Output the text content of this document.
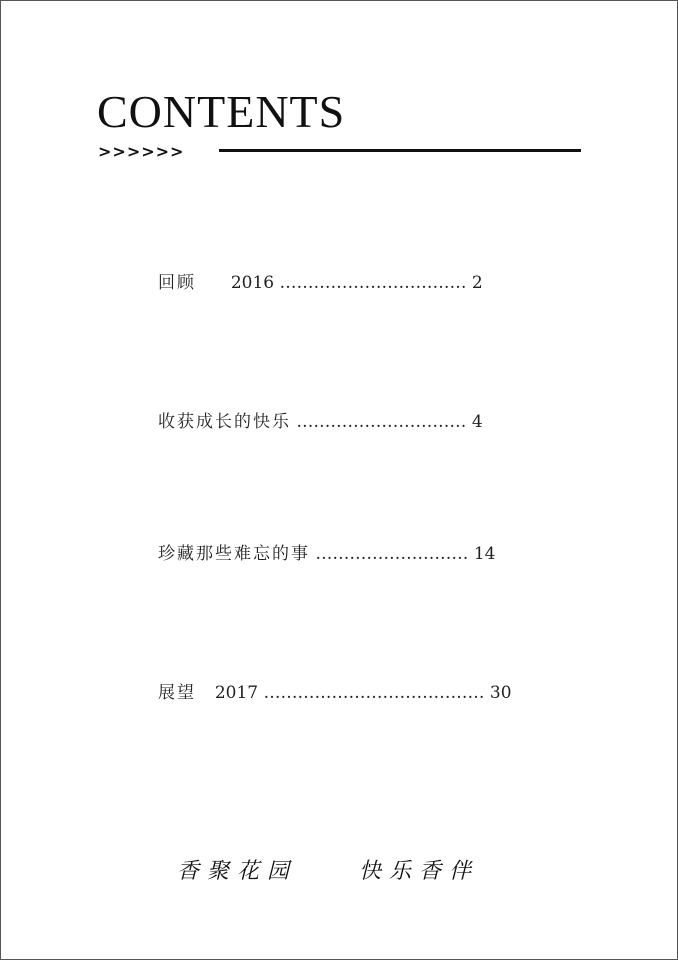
CONTENTS
>>>>>>
回顾 2016 …………………………… 2
收获成长的快乐 ………………………… 4
珍藏那些难忘的事 ……………………… 14
展望 2017 ………………………………… 30
香聚花园	快乐香伴
